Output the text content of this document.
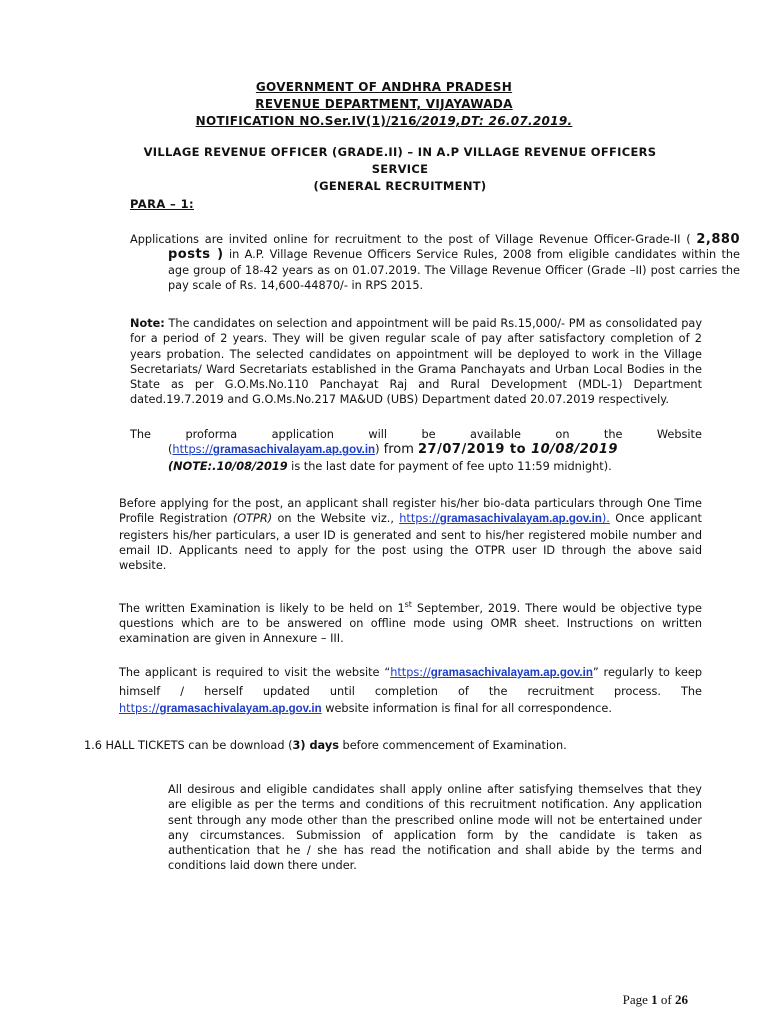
GOVERNMENT OF ANDHRA PRADESH
REVENUE DEPARTMENT, VIJAYAWADA
NOTIFICATION NO.Ser.IV(1)/216/2019,DT: 26.07.2019.
VILLAGE REVENUE OFFICER (GRADE.II) – IN A.P VILLAGE REVENUE OFFICERS
SERVICE
(GENERAL RECRUITMENT)
PARA – 1:
Applications are invited online for recruitment to the post of Village Revenue Officer-Grade-II ( 2,880 posts ) in A.P. Village Revenue Officers Service Rules, 2008 from eligible candidates within the age group of 18-42 years as on 01.07.2019. The Village Revenue Officer (Grade –II) post carries the pay scale of Rs. 14,600-44870/- in RPS 2015.
Note: The candidates on selection and appointment will be paid Rs.15,000/- PM as consolidated pay for a period of 2 years. They will be given regular scale of pay after satisfactory completion of 2 years probation. The selected candidates on appointment will be deployed to work in the Village Secretariats/ Ward Secretariats established in the Grama Panchayats and Urban Local Bodies in the State as per G.O.Ms.No.110 Panchayat Raj and Rural Development (MDL-1) Department dated.19.7.2019 and G.O.Ms.No.217 MA&UD (UBS) Department dated 20.07.2019 respectively.
The	proforma	application	will	be	available	on	the	Website
(https://gramasachivalayam.ap.gov.in) from 27/07/2019 to 10/08/2019
(NOTE:.10/08/2019 is the last date for payment of fee upto 11:59 midnight).
Before applying for the post, an applicant shall register his/her bio-data particulars through One Time Profile Registration (OTPR) on the Website viz., https://gramasachivalayam.ap.gov.in). Once applicant registers his/her particulars, a user ID is generated and sent to his/her registered mobile number and email ID. Applicants need to apply for the post using the OTPR user ID through the above said website.
The written Examination is likely to be held on 1st September, 2019. There would be objective type questions which are to be answered on offline mode using OMR sheet. Instructions on written examination are given in Annexure – III.
The applicant is required to visit the website “https://gramasachivalayam.ap.gov.in” regularly to keep himself / herself updated until completion of the recruitment process. The https://gramasachivalayam.ap.gov.in website information is final for all correspondence.
1.6 HALL TICKETS can be download (3) days before commencement of Examination.
All desirous and eligible candidates shall apply online after satisfying themselves that they are eligible as per the terms and conditions of this recruitment notification. Any application sent through any mode other than the prescribed online mode will not be entertained under any circumstances. Submission of application form by the candidate is taken as authentication that he / she has read the notification and shall abide by the terms and conditions laid down there under.
Page 1 of 26
